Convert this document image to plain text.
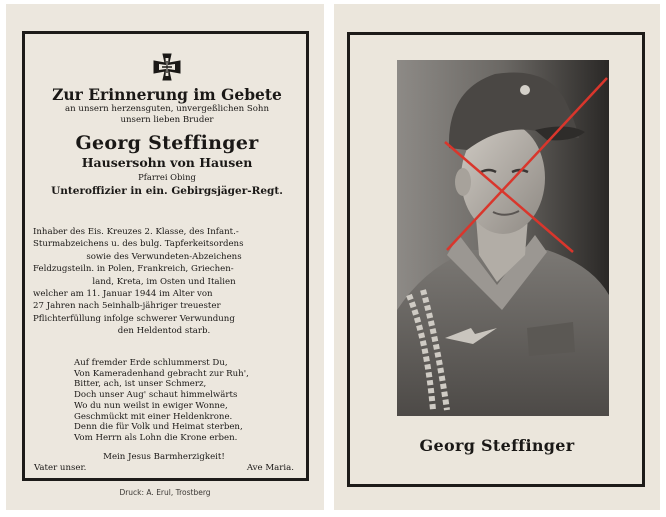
Zur Erinnerung im Gebete

an unsern herzensguten, unvergeßlichen Sohn

unsern lieben Bruder

Georg Steffinger

Hausersohn von Hausen

Pfarrei Obing

Unteroffizier in ein. Gebirgsjäger-Regt.

Inhaber des Eis. Kreuzes 2. Klasse, des Infant.-
Sturmabzeichens u. des bulg. Tapferkeitsordens
sowie des Verwundeten-Abzeichens
Feldzugsteiln. in Polen, Frankreich, Griechen-
land, Kreta, im Osten und Italien
welcher am 11. Januar 1944 im Alter von
27 Jahren nach 5einhalb-jähriger treuester
Pflichterfüllung infolge schwerer Verwundung
den Heldentod starb.
Auf fremder Erde schlummerst Du,
Von Kameradenhand gebracht zur Ruh',
Bitter, ach, ist unser Schmerz,
Doch unser Aug' schaut himmelwärts
Wo du nun weilst in ewiger Wonne,
Geschmückt mit einer Heldenkrone.
Denn die für Volk und Heimat sterben,
Vom Herrn als Lohn die Krone erben.
Mein Jesus Barmherzigkeit!
Vater unser.	Ave Maria.
Druck: A. Erul, Trostberg
Georg Steffinger
